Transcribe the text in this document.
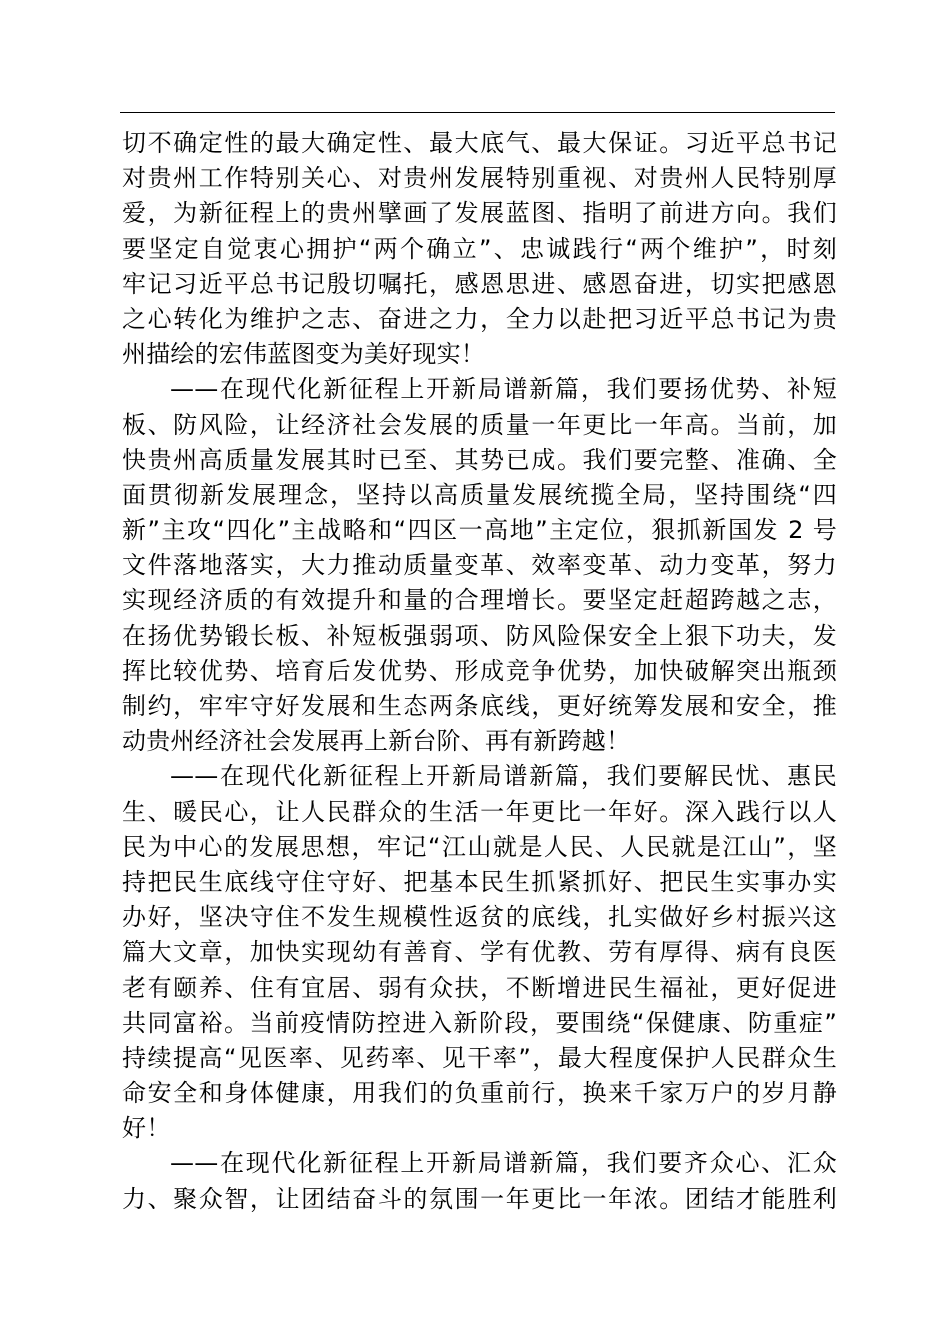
切不确定性的最大确定性、最大底气、最大保证。习近平总书记
对贵州工作特别关心、对贵州发展特别重视、对贵州人民特别厚
爱，为新征程上的贵州擘画了发展蓝图、指明了前进方向。我们
要坚定自觉衷心拥护“两个确立”、忠诚践行“两个维护”，时刻
牢记习近平总书记殷切嘱托，感恩思进、感恩奋进，切实把感恩
之心转化为维护之志、奋进之力，全力以赴把习近平总书记为贵
州描绘的宏伟蓝图变为美好现实！
——在现代化新征程上开新局谱新篇，我们要扬优势、补短
板、防风险，让经济社会发展的质量一年更比一年高。当前，加
快贵州高质量发展其时已至、其势已成。我们要完整、准确、全
面贯彻新发展理念，坚持以高质量发展统揽全局，坚持围绕“四
新”主攻“四化”主战略和“四区一高地”主定位，狠抓新国发 2 号
文件落地落实，大力推动质量变革、效率变革、动力变革，努力
实现经济质的有效提升和量的合理增长。要坚定赶超跨越之志，
在扬优势锻长板、补短板强弱项、防风险保安全上狠下功夫，发
挥比较优势、培育后发优势、形成竞争优势，加快破解突出瓶颈
制约，牢牢守好发展和生态两条底线，更好统筹发展和安全，推
动贵州经济社会发展再上新台阶、再有新跨越！
——在现代化新征程上开新局谱新篇，我们要解民忧、惠民
生、暖民心，让人民群众的生活一年更比一年好。深入践行以人
民为中心的发展思想，牢记“江山就是人民、人民就是江山”，坚
持把民生底线守住守好、把基本民生抓紧抓好、把民生实事办实
办好，坚决守住不发生规模性返贫的底线，扎实做好乡村振兴这
篇大文章，加快实现幼有善育、学有优教、劳有厚得、病有良医
老有颐养、住有宜居、弱有众扶，不断增进民生福祉，更好促进
共同富裕。当前疫情防控进入新阶段，要围绕“保健康、防重症”
持续提高“见医率、见药率、见干率”，最大程度保护人民群众生
命安全和身体健康，用我们的负重前行，换来千家万户的岁月静
好！
——在现代化新征程上开新局谱新篇，我们要齐众心、汇众
力、聚众智，让团结奋斗的氛围一年更比一年浓。团结才能胜利
